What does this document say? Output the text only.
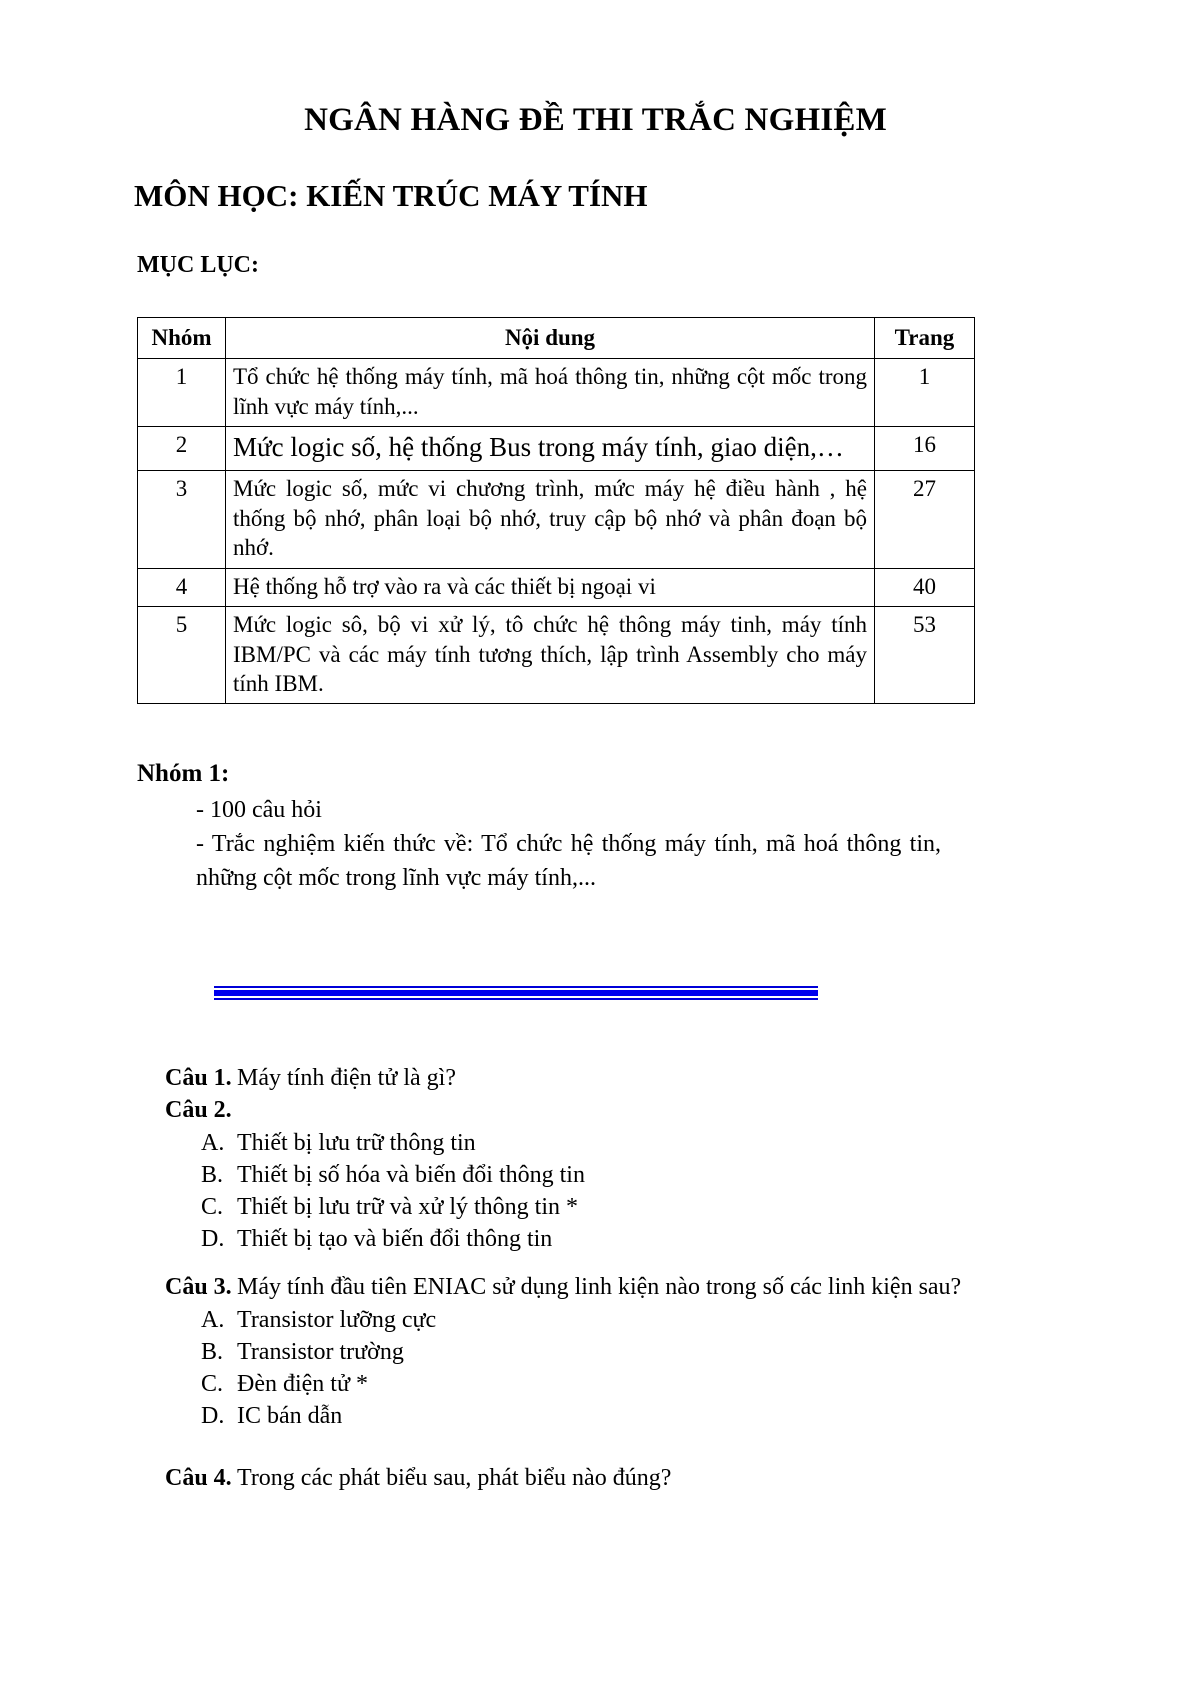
NGÂN HÀNG ĐỀ THI TRẮC NGHIỆM
MÔN HỌC: KIẾN TRÚC MÁY TÍNH
MỤC LỤC:
Nhóm	Nội dung	Trang
1	Tổ chức hệ thống máy tính, mã hoá thông tin, những cột mốc trong lĩnh vực máy tính,...	1
2	Mức logic số, hệ thống Bus trong máy tính, giao diện,…	16
3	Mức logic số, mức vi chương trình, mức máy hệ điều hành , hệ thống bộ nhớ, phân loại bộ nhớ, truy cập bộ nhớ và phân đoạn bộ nhớ.	27
4	Hệ thống hỗ trợ vào ra và các thiết bị ngoại vi	40
5	Mức logic sô, bộ vi xử lý, tô chức hệ thông máy tinh, máy tính IBM/PC và các máy tính tương thích, lập trình Assembly cho máy tính IBM.	53
Nhóm 1:
- 100 câu hỏi
- Trắc nghiệm kiến thức về: Tổ chức hệ thống máy tính, mã hoá thông tin, những cột mốc trong lĩnh vực máy tính,...
Câu 1. Máy tính điện tử là gì?
Câu 2.
A. Thiết bị lưu trữ thông tin
B. Thiết bị số hóa và biến đổi thông tin
C. Thiết bị lưu trữ và xử lý thông tin *
D. Thiết bị tạo và biến đổi thông tin
Câu 3. Máy tính đầu tiên ENIAC sử dụng linh kiện nào trong số các linh kiện sau?
A. Transistor lưỡng cực
B. Transistor trường
C. Đèn điện tử *
D. IC bán dẫn
Câu 4. Trong các phát biểu sau, phát biểu nào đúng?
